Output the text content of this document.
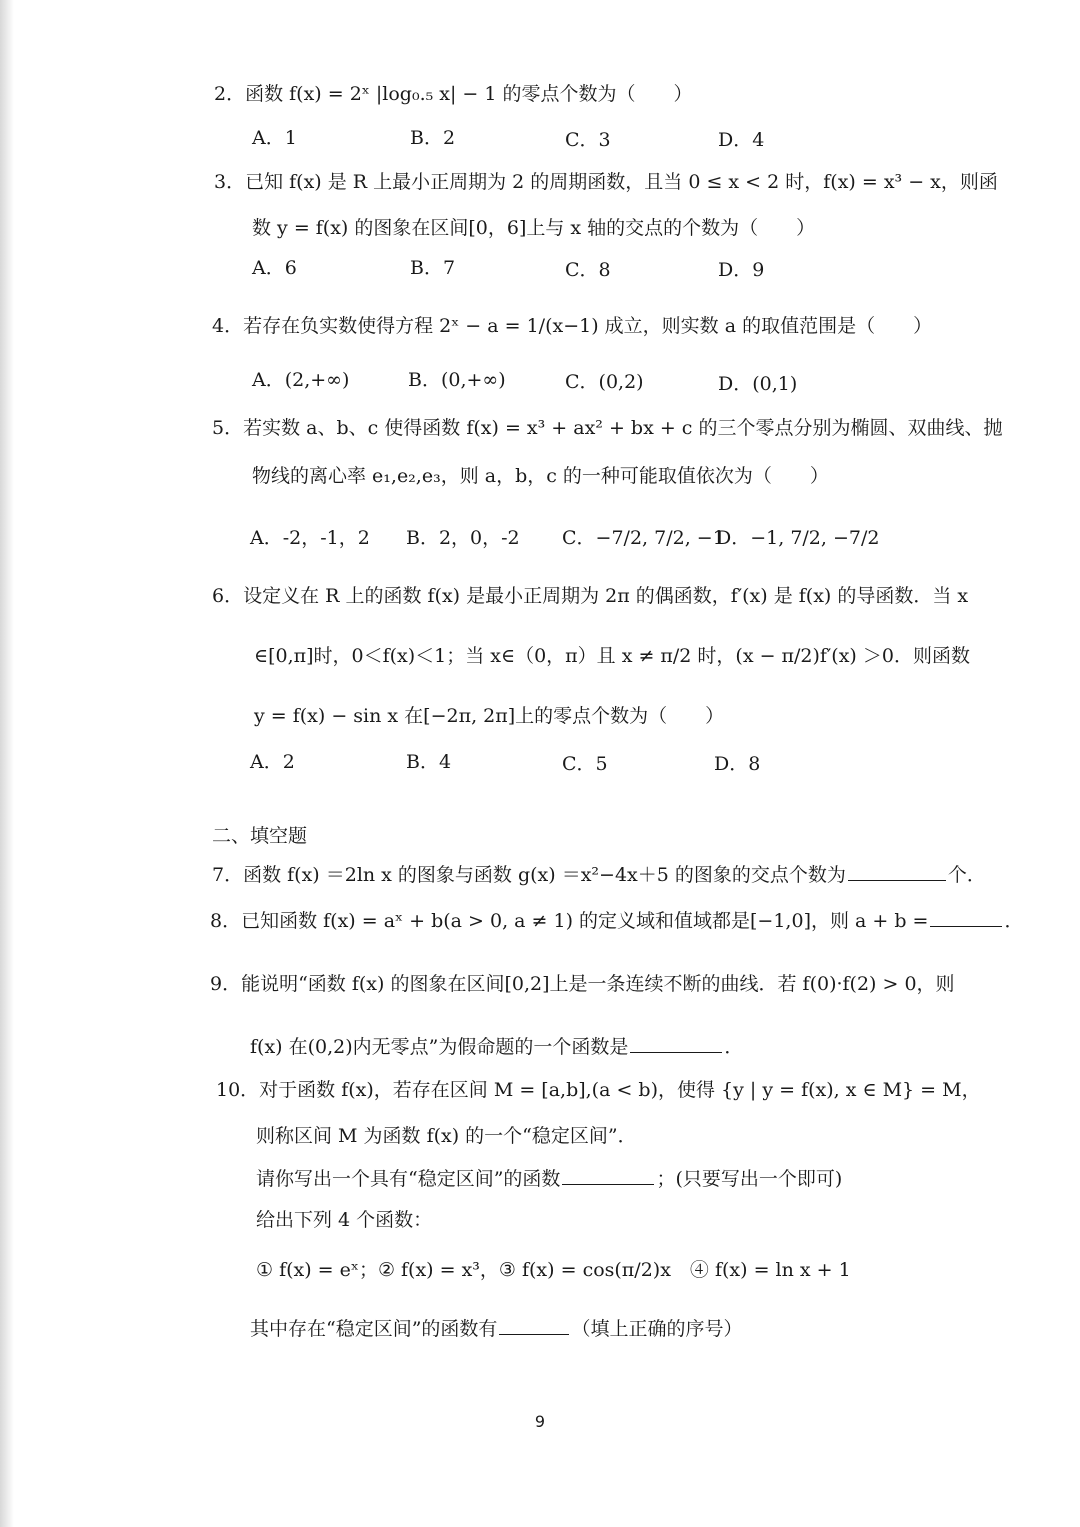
2．函数 f(x) = 2ˣ |log₀.₅ x| − 1 的零点个数为（　　）
A．1	B．2	C．3	D．4
3．已知 f(x) 是 R 上最小正周期为 2 的周期函数，且当 0 ≤ x < 2 时，f(x) = x³ − x，则函
数 y = f(x) 的图象在区间[0，6]上与 x 轴的交点的个数为（　　）
A．6	B．7	C．8	D．9
4．若存在负实数使得方程 2ˣ − a = 1/(x−1) 成立，则实数 a 的取值范围是（　　）
A．(2,+∞)	B．(0,+∞)	C．(0,2)	D．(0,1)
5．若实数 a、b、c 使得函数 f(x) = x³ + ax² + bx + c 的三个零点分别为椭圆、双曲线、抛
物线的离心率 e₁,e₂,e₃，则 a，b，c 的一种可能取值依次为（　　）
A．-2，-1，2 B．2，0，-2 C．−7/2, 7/2, −1
D．−1, 7/2, −7/2
6．设定义在 R 上的函数 f(x) 是最小正周期为 2π 的偶函数，f′(x) 是 f(x) 的导函数．当 x
∈[0,π]时，0＜f(x)＜1；当 x∈（0，π）且 x ≠ π/2 时，(x − π/2)f′(x) ＞0．则函数
y = f(x) − sin x 在[−2π, 2π]上的零点个数为（　　）
A．2	B．4	C．5	D．8
二、填空题
7．函数 f(x) ＝2ln x 的图象与函数 g(x) ＝x²−4x＋5 的图象的交点个数为	个．
8．已知函数 f(x) = aˣ + b(a > 0, a ≠ 1) 的定义域和值域都是[−1,0]，则 a + b =	．
9．能说明“函数 f(x) 的图象在区间[0,2]上是一条连续不断的曲线．若 f(0)·f(2) > 0，则
f(x) 在(0,2)内无零点”为假命题的一个函数是	．
10．对于函数 f(x)，若存在区间 M = [a,b],(a < b)，使得 {y | y = f(x), x ∈ M} = M，
则称区间 M 为函数 f(x) 的一个“稳定区间”．
请你写出一个具有“稳定区间”的函数	；(只要写出一个即可)
给出下列 4 个函数：
① f(x) = eˣ；② f(x) = x³，③ f(x) = cos(π/2)x　④ f(x) = ln x + 1
其中存在“稳定区间”的函数有	（填上正确的序号）
9
